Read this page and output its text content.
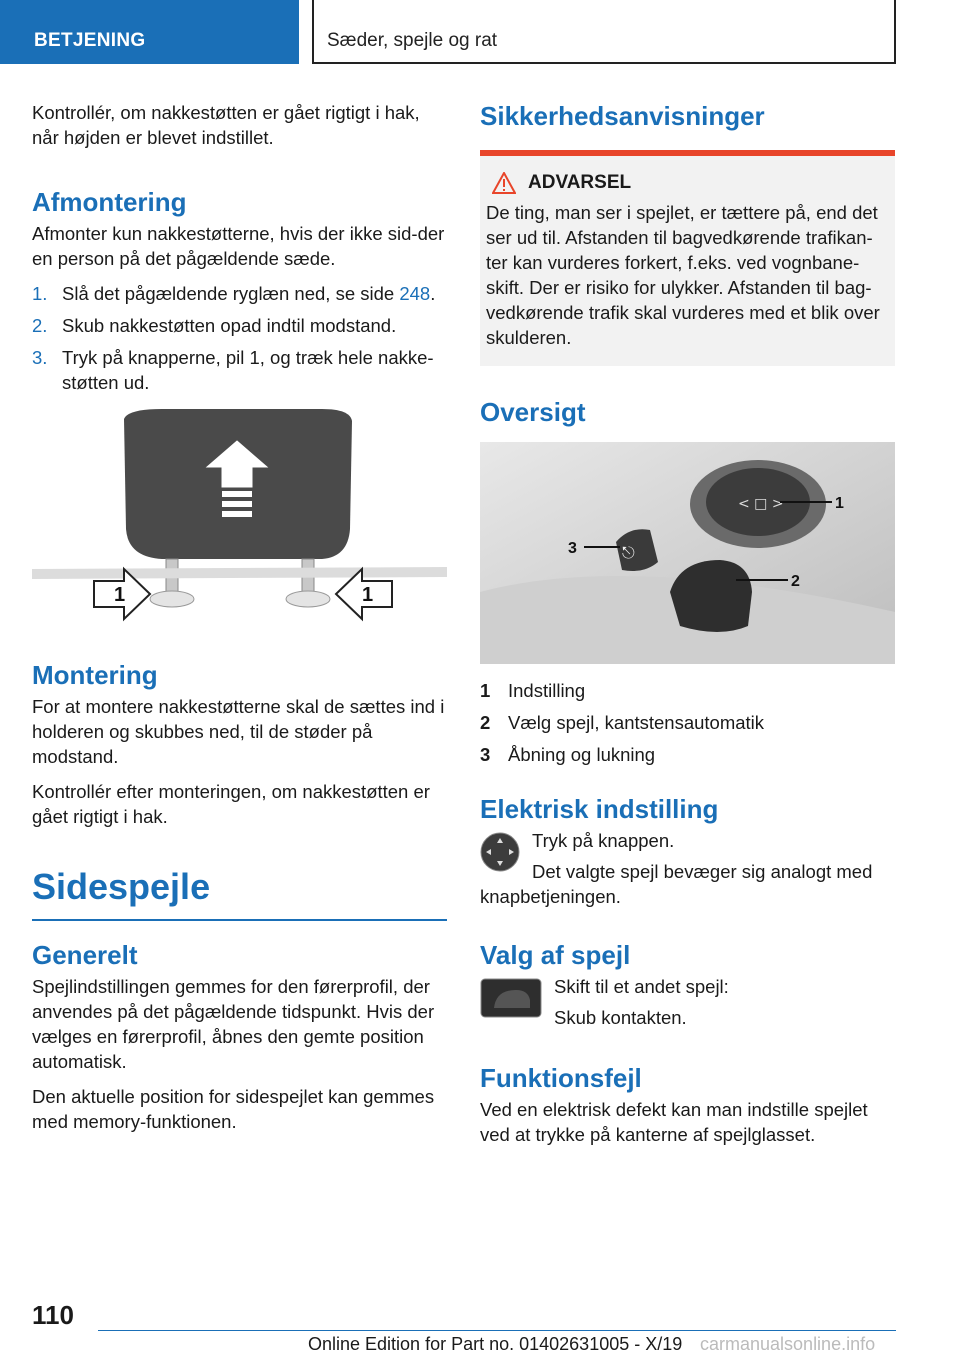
BETJENING	Sæder, spejle og rat

Kontrollér, om nakkestøtten er gået rigtigt i hak, når højden er blevet indstillet.

Afmontering

Afmonter kun nakkestøtterne, hvis der ikke sid-der en person på det pågældende sæde.

1. Slå det pågældende ryglæn ned, se side 248.
2. Skub nakkestøtten opad indtil modstand.
3. Tryk på knapperne, pil 1, og træk hele nakke-støtten ud.
1	1
Montering

For at montere nakkestøtterne skal de sættes ind i holderen og skubbes ned, til de støder på modstand.

Kontrollér efter monteringen, om nakkestøtten er gået rigtigt i hak.

Sidespejle
Generelt

Spejlindstillingen gemmes for den førerprofil, der anvendes på det pågældende tidspunkt. Hvis der vælges en førerprofil, åbnes den gemte position automatisk.

Den aktuelle position for sidespejlet kan gemmes med memory-funktionen.

Sikkerhedsanvisninger
ADVARSEL

De ting, man ser i spejlet, er tættere på, end det ser ud til. Afstanden til bagvedkørende trafikan-ter kan vurderes forkert, f.eks. ved vognbane-skift. Der er risiko for ulykker. Afstanden til bag-vedkørende trafik skal vurderes med et blik over skulderen.

Oversigt
< □ >
⎋
1
2
3
1 Indstilling
2 Vælg spejl, kantstensautomatik
3 Åbning og lukning
Elektrisk indstilling

Tryk på knappen.

Det valgte spejl bevæger sig analogt med knapbetjeningen.

Valg af spejl

Skift til et andet spejl:

Skub kontakten.

Funktionsfejl

Ved en elektrisk defekt kan man indstille spejlet ved at trykke på kanterne af spejlglasset.

110
Online Edition for Part no. 01402631005 - X/19 carmanualsonline.info
